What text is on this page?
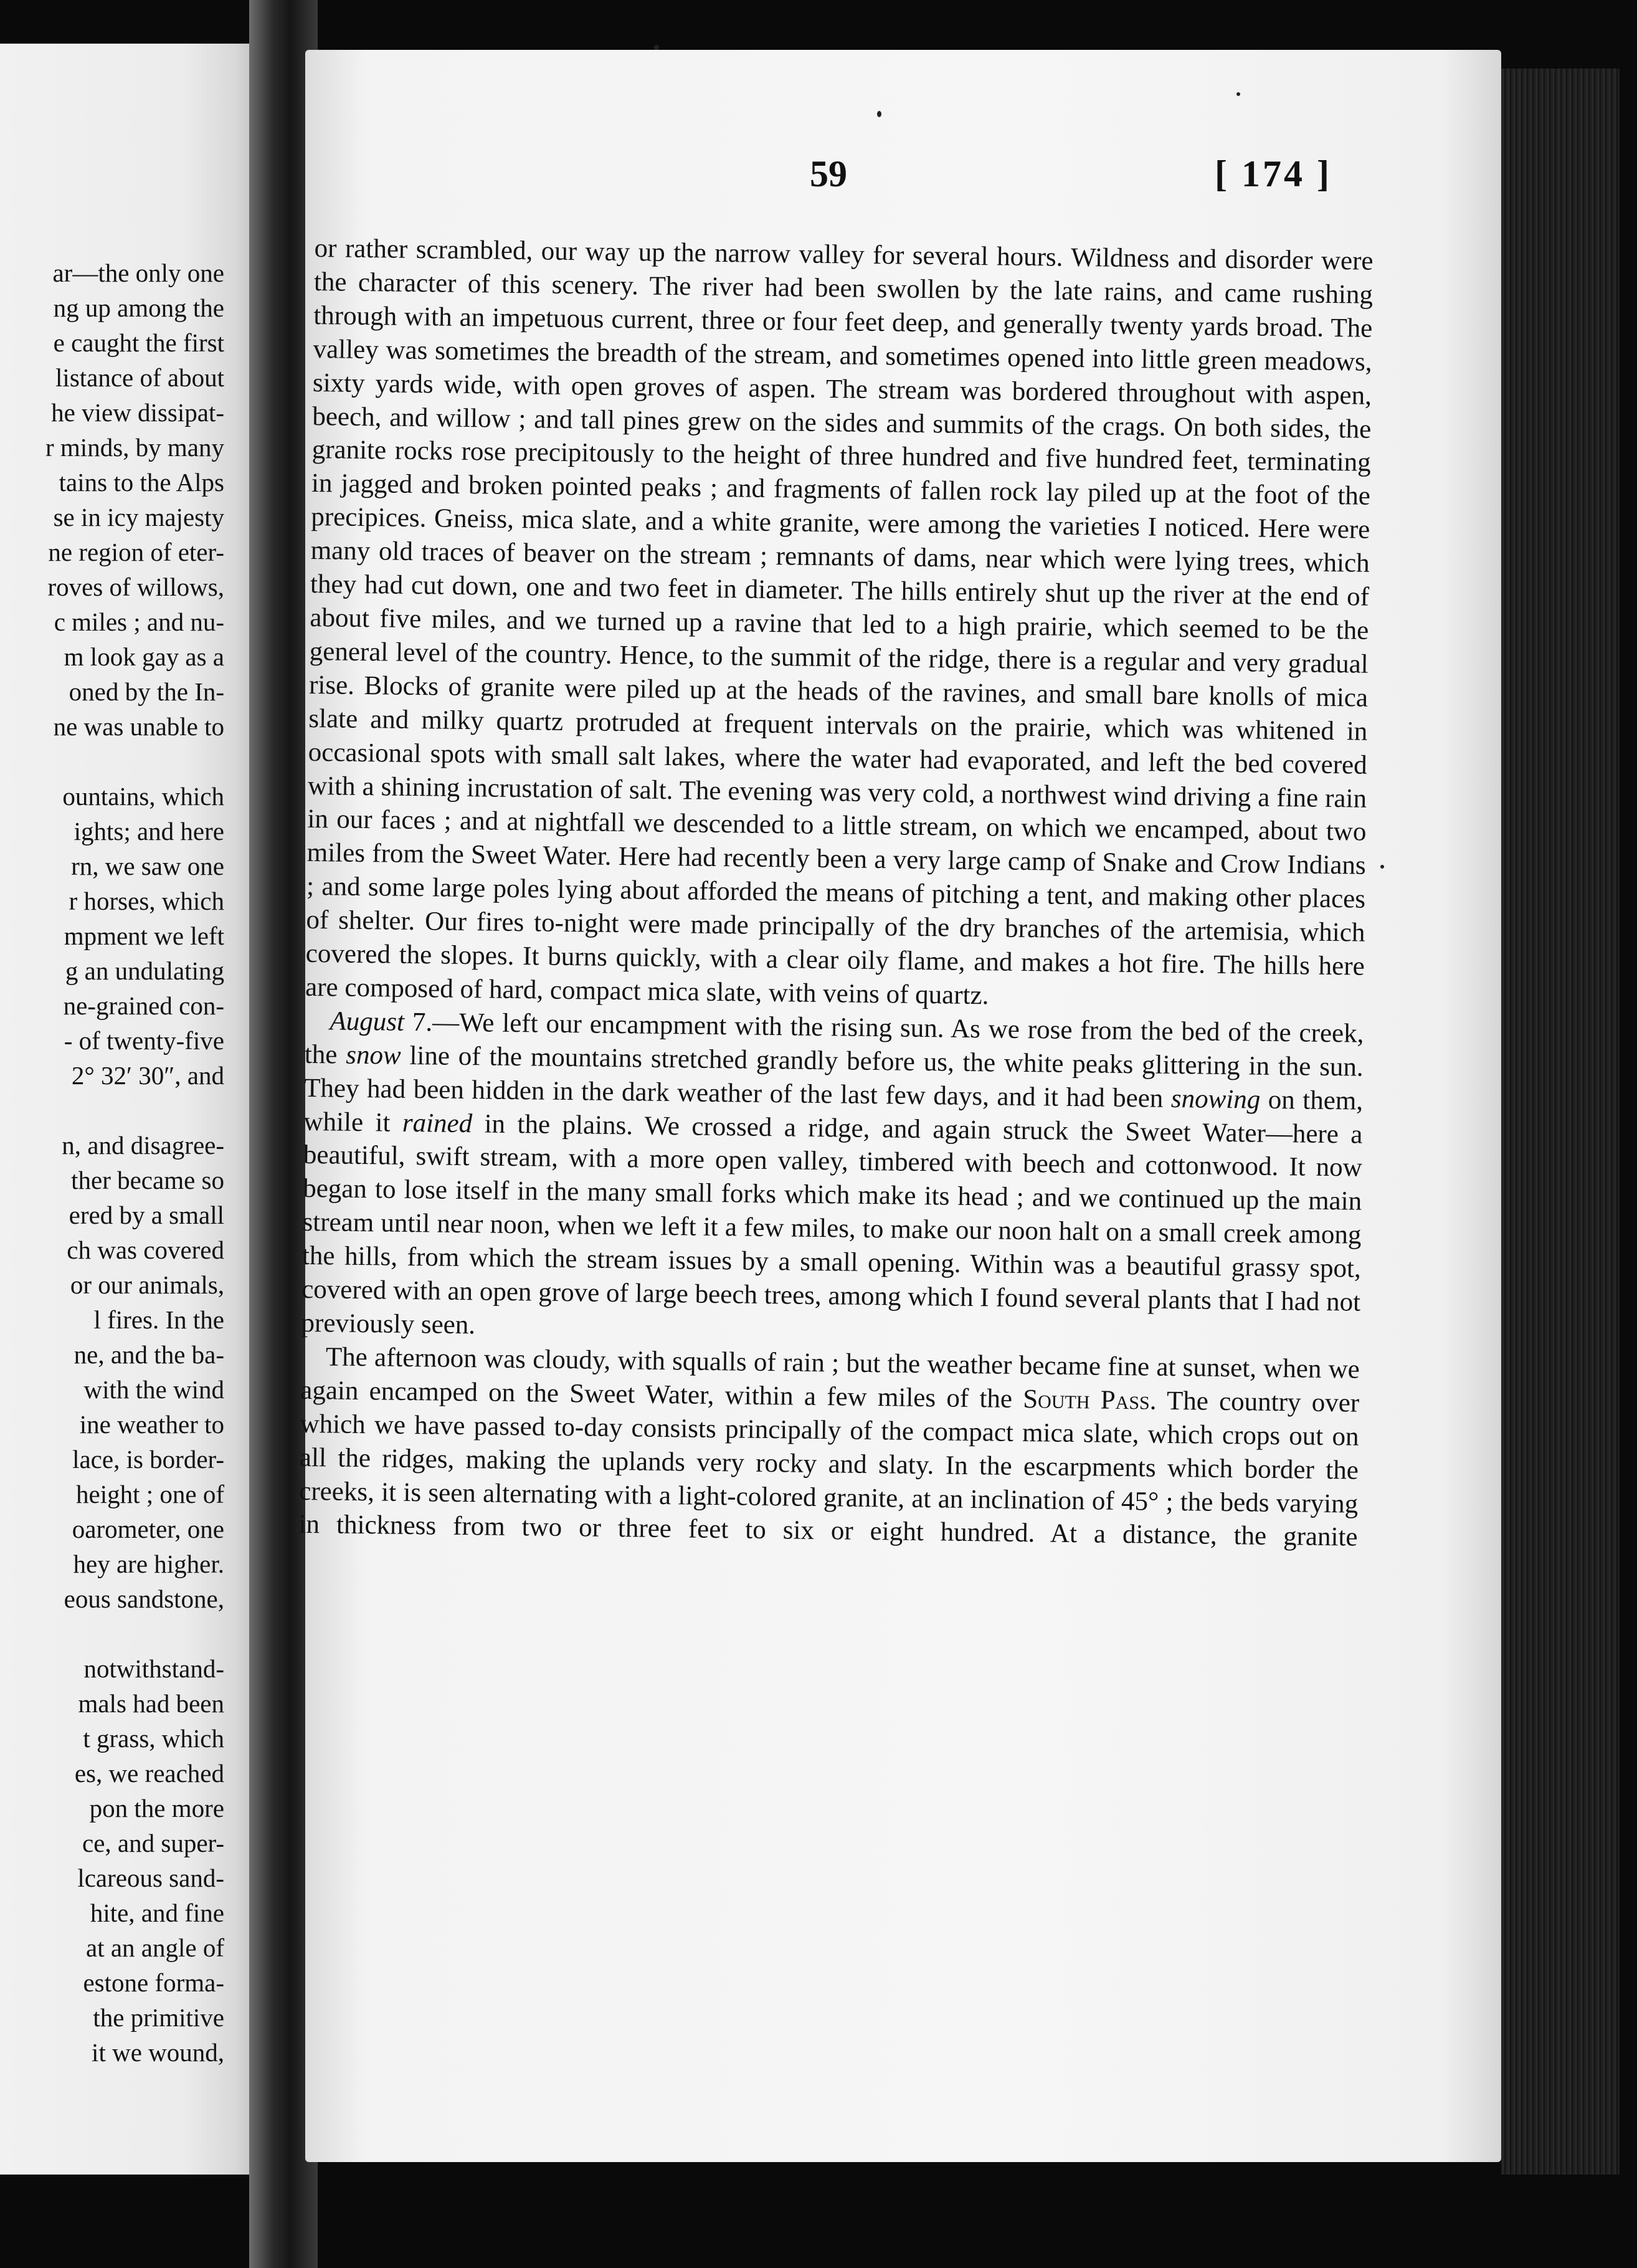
ar—the only one
ng up among the
e caught the first
listance of about
he view dissipat-
r minds, by many
tains to the Alps
se in icy majesty
ne region of eter-
roves of willows,
c miles ; and nu-
m look gay as a
oned by the In-
ne was unable to
ountains, which
ights; and here
rn, we saw one
r horses, which
mpment we left
g an undulating
ne-grained con-
- of twenty-five
2° 32′ 30″, and
n, and disagree-
ther became so
ered by a small
ch was covered
or our animals,
l fires. In the
ne, and the ba-
with the wind
ine weather to
lace, is border-
height ; one of
oarometer, one
hey are higher.
eous sandstone,
notwithstand-
mals had been
t grass, which
es, we reached
pon the more
ce, and super-
lcareous sand-
hite, and fine
at an angle of
estone forma-
the primitive
it we wound,
59	[ 174 ]

or rather scrambled, our way up the narrow valley for several hours. Wildness and disorder were the character of this scenery. The river had been swollen by the late rains, and came rushing through with an impetuous current, three or four feet deep, and generally twenty yards broad. The valley was sometimes the breadth of the stream, and sometimes opened into little green meadows, sixty yards wide, with open groves of aspen. The stream was bordered throughout with aspen, beech, and willow ; and tall pines grew on the sides and summits of the crags. On both sides, the granite rocks rose precipitously to the height of three hundred and five hundred feet, terminating in jagged and broken pointed peaks ; and fragments of fallen rock lay piled up at the foot of the precipices. Gneiss, mica slate, and a white granite, were among the varieties I noticed. Here were many old traces of beaver on the stream ; remnants of dams, near which were lying trees, which they had cut down, one and two feet in diameter. The hills entirely shut up the river at the end of about five miles, and we turned up a ravine that led to a high prairie, which seemed to be the general level of the country. Hence, to the summit of the ridge, there is a regular and very gradual rise. Blocks of granite were piled up at the heads of the ravines, and small bare knolls of mica slate and milky quartz protruded at frequent intervals on the prairie, which was whitened in occasional spots with small salt lakes, where the water had evaporated, and left the bed covered with a shining incrustation of salt. The evening was very cold, a northwest wind driving a fine rain in our faces ; and at nightfall we descended to a little stream, on which we encamped, about two miles from the Sweet Water. Here had recently been a very large camp of Snake and Crow Indians ; and some large poles lying about afforded the means of pitching a tent, and making other places of shelter. Our fires to-night were made principally of the dry branches of the artemisia, which covered the slopes. It burns quickly, with a clear oily flame, and makes a hot fire. The hills here are composed of hard, compact mica slate, with veins of quartz.

August 7.—We left our encampment with the rising sun. As we rose from the bed of the creek, the snow line of the mountains stretched grandly before us, the white peaks glittering in the sun. They had been hidden in the dark weather of the last few days, and it had been snowing on them, while it rained in the plains. We crossed a ridge, and again struck the Sweet Water—here a beautiful, swift stream, with a more open valley, timbered with beech and cottonwood. It now began to lose itself in the many small forks which make its head ; and we continued up the main stream until near noon, when we left it a few miles, to make our noon halt on a small creek among the hills, from which the stream issues by a small opening. Within was a beautiful grassy spot, covered with an open grove of large beech trees, among which I found several plants that I had not previously seen.

The afternoon was cloudy, with squalls of rain ; but the weather became fine at sunset, when we again encamped on the Sweet Water, within a few miles of the South Pass. The country over which we have passed to-day consists principally of the compact mica slate, which crops out on all the ridges, making the uplands very rocky and slaty. In the escarpments which border the creeks, it is seen alternating with a light-colored granite, at an inclination of 45° ; the beds varying in thickness from two or three feet to six or eight hundred. At a distance, the granite
